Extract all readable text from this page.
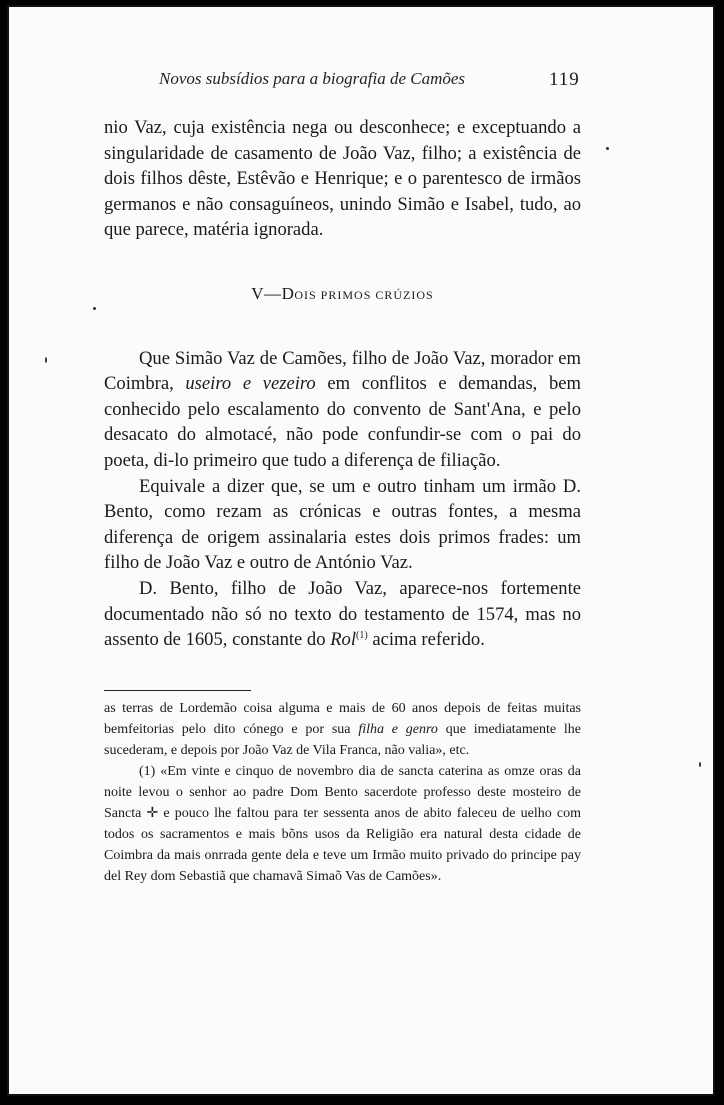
Novos subsídios para a biografia de Camões	119

nio Vaz, cuja existência nega ou desconhece; e exceptuando a singularidade de casamento de João Vaz, filho; a existência de dois filhos dêste, Estêvão e Henrique; e o parentesco de irmãos germanos e não consaguíneos, unindo Simão e Isabel, tudo, ao que parece, matéria ignorada.

V—DOIS PRIMOS CRÚZIOS

Que Simão Vaz de Camões, filho de João Vaz, morador em Coimbra, useiro e vezeiro em conflitos e demandas, bem conhecido pelo escalamento do convento de Sant'Ana, e pelo desacato do almotacé, não pode confundir-se com o pai do poeta, di-lo primeiro que tudo a diferença de filiação.

Equivale a dizer que, se um e outro tinham um irmão D. Bento, como rezam as crónicas e outras fontes, a mesma diferença de origem assinalaria estes dois primos frades: um filho de João Vaz e outro de António Vaz.

D. Bento, filho de João Vaz, aparece-nos fortemente documentado não só no texto do testamento de 1574, mas no assento de 1605, constante do Rol$^{(1)}$ acima referido.

as terras de Lordemão coisa alguma e mais de 60 anos depois de feitas muitas bemfeitorias pelo dito cónego e por sua filha e genro que imediatamente lhe sucederam, e depois por João Vaz de Vila Franca, não valia», etc.

(1) «Em vinte e cinquo de novembro dia de sancta caterina as omze oras da noite levou o senhor ao padre Dom Bento sacerdote professo deste mosteiro de Sancta ✛ e pouco lhe faltou para ter sessenta anos de abito faleceu de uelho com todos os sacramentos e mais bõns usos da Religião era natural desta cidade de Coimbra da mais onrrada gente dela e teve um Irmão muito privado do principe pay del Rey dom Sebastiã que chamavã Simaõ Vas de Camões».
